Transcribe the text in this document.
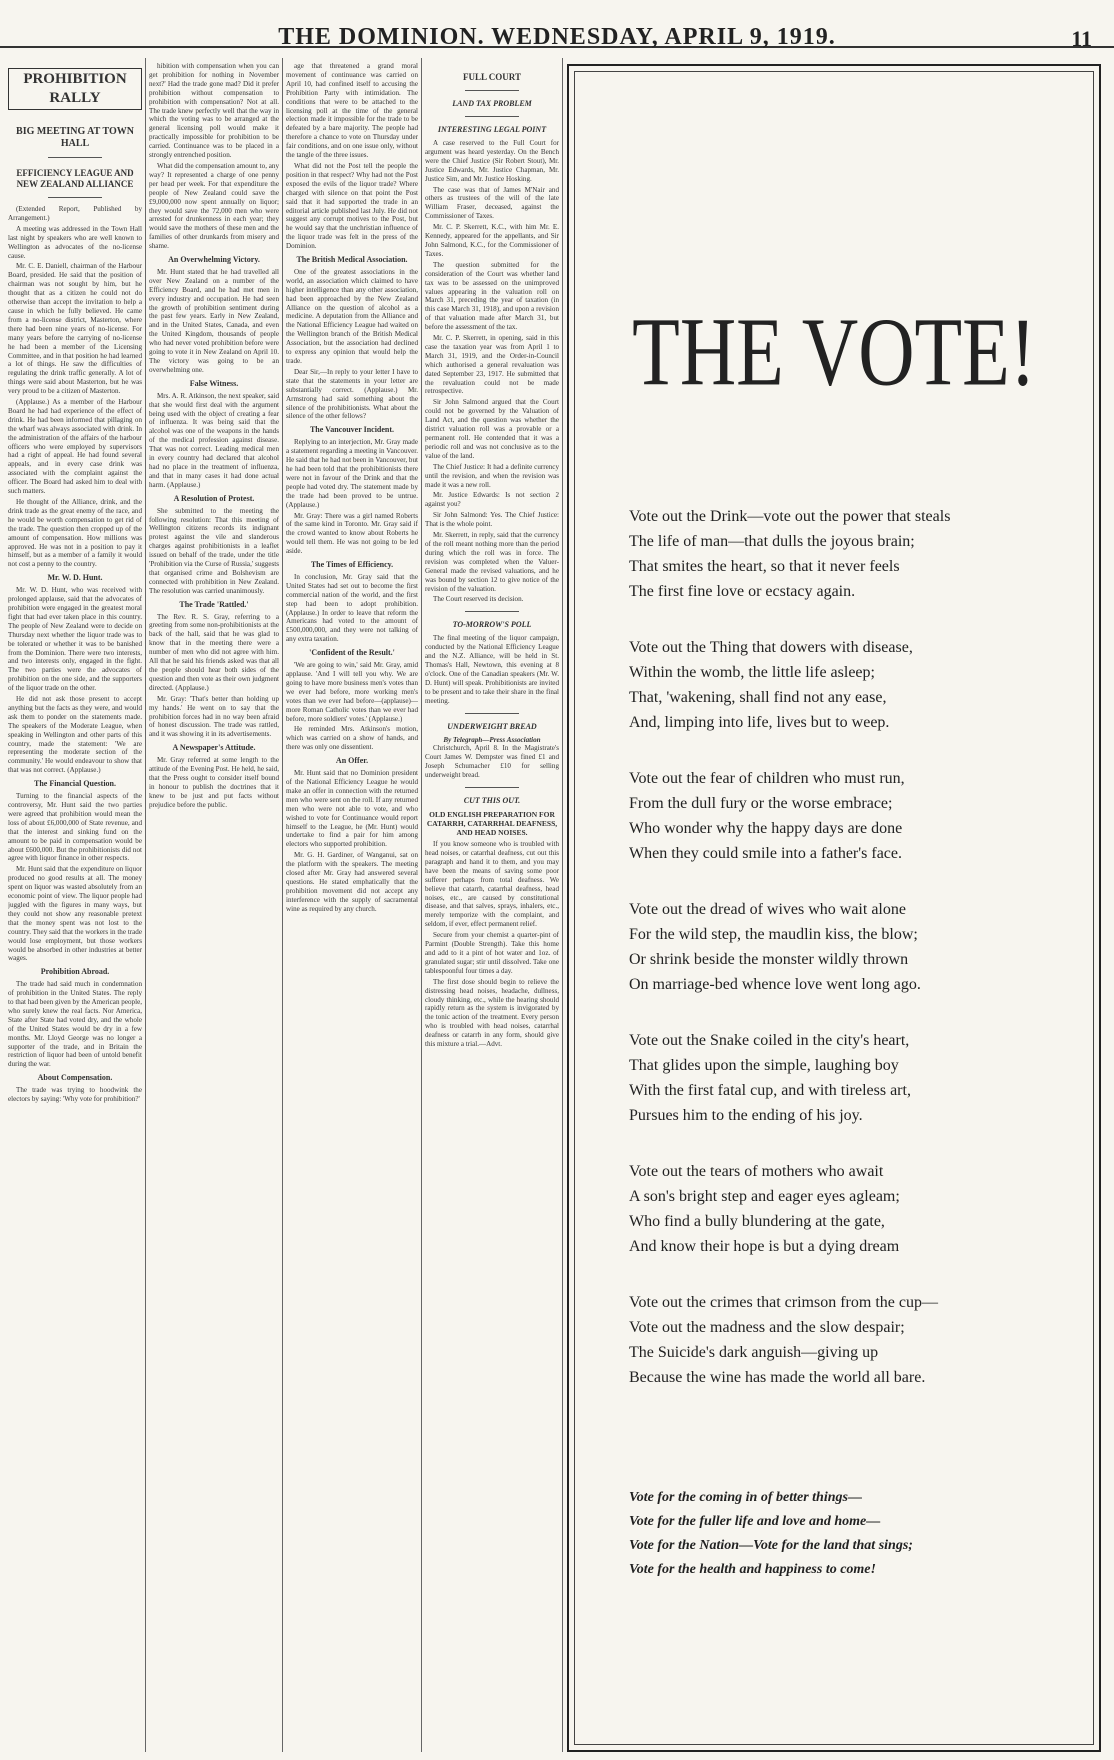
THE DOMINION. WEDNESDAY, APRIL 9, 1919.	11
PROHIBITION RALLY
BIG MEETING AT TOWN HALL
EFFICIENCY LEAGUE AND NEW ZEALAND ALLIANCE

(Extended Report, Published by Arrangement.)

A meeting was addressed in the Town Hall last night by speakers who are well known to Wellington as advocates of the no-license cause.

Mr. C. E. Daniell, chairman of the Harbour Board, presided. He said that the position of chairman was not sought by him, but he thought that as a citizen he could not do otherwise than accept the invitation to help a cause in which he fully believed. He came from a no-license district, Masterton, where there had been nine years of no-license. For many years before the carrying of no-license he had been a member of the Licensing Committee, and in that position he had learned a lot of things. He saw the difficulties of regulating the drink traffic generally. A lot of things were said about Masterton, but he was very proud to be a citizen of Masterton.

(Applause.) As a member of the Harbour Board he had had experience of the effect of drink. He had been informed that pillaging on the wharf was always associated with drink. In the administration of the affairs of the harbour officers who were employed by supervisors had a right of appeal. He had found several appeals, and in every case drink was associated with the complaint against the officer. The Board had asked him to deal with such matters.

He thought of the Alliance, drink, and the drink trade as the great enemy of the race, and he would be worth compensation to get rid of the trade. The question then cropped up of the amount of compensation. How millions was approved. He was not in a position to pay it himself, but as a member of a family it would not cost a penny to the country.

Mr. W. D. Hunt.

Mr. W. D. Hunt, who was received with prolonged applause, said that the advocates of prohibition were engaged in the greatest moral fight that had ever taken place in this country. The people of New Zealand were to decide on Thursday next whether the liquor trade was to be tolerated or whether it was to be banished from the Dominion. There were two interests, and two interests only, engaged in the fight. The two parties were the advocates of prohibition on the one side, and the supporters of the liquor trade on the other.

He did not ask those present to accept anything but the facts as they were, and would ask them to ponder on the statements made. The speakers of the Moderate League, when speaking in Wellington and other parts of this country, made the statement: 'We are representing the moderate section of the community.' He would endeavour to show that that was not correct. (Applause.)

The Financial Question.

Turning to the financial aspects of the controversy, Mr. Hunt said the two parties were agreed that prohibition would mean the loss of about £6,000,000 of State revenue, and that the interest and sinking fund on the amount to be paid in compensation would be about £600,000. But the prohibitionists did not agree with liquor finance in other respects.

Mr. Hunt said that the expenditure on liquor produced no good results at all. The money spent on liquor was wasted absolutely from an economic point of view. The liquor people had juggled with the figures in many ways, but they could not show any reasonable pretext that the money spent was not lost to the country. They said that the workers in the trade would lose employment, but those workers would be absorbed in other industries at better wages.

Prohibition Abroad.

The trade had said much in condemnation of prohibition in the United States. The reply to that had been given by the American people, who surely knew the real facts. Nor America, State after State had voted dry, and the whole of the United States would be dry in a few months. Mr. Lloyd George was no longer a supporter of the trade, and in Britain the restriction of liquor had been of untold benefit during the war.

About Compensation.

The trade was trying to hoodwink the electors by saying: 'Why vote for prohibition?'

hibition with compensation when you can get prohibition for nothing in November next?' Had the trade gone mad? Did it prefer prohibition without compensation to prohibition with compensation? Not at all. The trade knew perfectly well that the way in which the voting was to be arranged at the general licensing poll would make it practically impossible for prohibition to be carried. Continuance was to be placed in a strongly entrenched position.

What did the compensation amount to, any way? It represented a charge of one penny per head per week. For that expenditure the people of New Zealand could save the £9,000,000 now spent annually on liquor; they would save the 72,000 men who were arrested for drunkenness in each year; they would save the mothers of these men and the families of other drunkards from misery and shame.

An Overwhelming Victory.

Mr. Hunt stated that he had travelled all over New Zealand on a number of the Efficiency Board, and he had met men in every industry and occupation. He had seen the growth of prohibition sentiment during the past few years. Early in New Zealand, and in the United States, Canada, and even the United Kingdom, thousands of people who had never voted prohibition before were going to vote it in New Zealand on April 10. The victory was going to be an overwhelming one.

False Witness.

Mrs. A. R. Atkinson, the next speaker, said that she would first deal with the argument being used with the object of creating a fear of influenza. It was being said that the alcohol was one of the weapons in the hands of the medical profession against disease. That was not correct. Leading medical men in every country had declared that alcohol had no place in the treatment of influenza, and that in many cases it had done actual harm. (Applause.)

A Resolution of Protest.

She submitted to the meeting the following resolution: That this meeting of Wellington citizens records its indignant protest against the vile and slanderous charges against prohibitionists in a leaflet issued on behalf of the trade, under the title 'Prohibition via the Curse of Russia,' suggests that organised crime and Bolshevism are connected with prohibition in New Zealand. The resolution was carried unanimously.

The Trade 'Rattled.'

The Rev. R. S. Gray, referring to a greeting from some non-prohibitionists at the back of the hall, said that he was glad to know that in the meeting there were a number of men who did not agree with him. All that he said his friends asked was that all the people should hear both sides of the question and then vote as their own judgment directed. (Applause.)

Mr. Gray: 'That's better than holding up my hands.' He went on to say that the prohibition forces had in no way been afraid of honest discussion. The trade was rattled, and it was showing it in its advertisements.

A Newspaper's Attitude.

Mr. Gray referred at some length to the attitude of the Evening Post. He held, he said, that the Press ought to consider itself bound in honour to publish the doctrines that it knew to be just and put facts without prejudice before the public.

age that threatened a grand moral movement of continuance was carried on April 10, had confined itself to accusing the Prohibition Party with intimidation. The conditions that were to be attached to the licensing poll at the time of the general election made it impossible for the trade to be defeated by a bare majority. The people had therefore a chance to vote on Thursday under fair conditions, and on one issue only, without the tangle of the three issues.

What did not the Post tell the people the position in that respect? Why had not the Post exposed the evils of the liquor trade? Where charged with silence on that point the Post said that it had supported the trade in an editorial article published last July. He did not suggest any corrupt motives to the Post, but he would say that the unchristian influence of the liquor trade was felt in the press of the Dominion.

The British Medical Association.

One of the greatest associations in the world, an association which claimed to have higher intelligence than any other association, had been approached by the New Zealand Alliance on the question of alcohol as a medicine. A deputation from the Alliance and the National Efficiency League had waited on the Wellington branch of the British Medical Association, but the association had declined to express any opinion that would help the trade.

Dear Sir,—In reply to your letter I have to state that the statements in your letter are substantially correct. (Applause.) Mr. Armstrong had said something about the silence of the prohibitionists. What about the silence of the other fellows?

The Vancouver Incident.

Replying to an interjection, Mr. Gray made a statement regarding a meeting in Vancouver. He said that he had not been in Vancouver, but he had been told that the prohibitionists there were not in favour of the Drink and that the people had voted dry. The statement made by the trade had been proved to be untrue. (Applause.)

Mr. Gray: There was a girl named Roberts of the same kind in Toronto. Mr. Gray said if the crowd wanted to know about Roberts he would tell them. He was not going to be led aside.

The Times of Efficiency.

In conclusion, Mr. Gray said that the United States had set out to become the first commercial nation of the world, and the first step had been to adopt prohibition. (Applause.) In order to leave that reform the Americans had voted to the amount of £500,000,000, and they were not talking of any extra taxation.

'Confident of the Result.'

'We are going to win,' said Mr. Gray, amid applause. 'And I will tell you why. We are going to have more business men's votes than we ever had before, more working men's votes than we ever had before—(applause)—more Roman Catholic votes than we ever had before, more soldiers' votes.' (Applause.)

He reminded Mrs. Atkinson's motion, which was carried on a show of hands, and there was only one dissentient.

An Offer.

Mr. Hunt said that no Dominion president of the National Efficiency League he would make an offer in connection with the returned men who were sent on the roll. If any returned men who were not able to vote, and who wished to vote for Continuance would report himself to the League, he (Mr. Hunt) would undertake to find a pair for him among electors who supported prohibition.

Mr. G. H. Gardiner, of Wanganui, sat on the platform with the speakers. The meeting closed after Mr. Gray had answered several questions. He stated emphatically that the prohibition movement did not accept any interference with the supply of sacramental wine as required by any church.

FULL COURT
LAND TAX PROBLEM
INTERESTING LEGAL POINT

A case reserved to the Full Court for argument was heard yesterday. On the Bench were the Chief Justice (Sir Robert Stout), Mr. Justice Edwards, Mr. Justice Chapman, Mr. Justice Sim, and Mr. Justice Hosking.

The case was that of James M'Nair and others as trustees of the will of the late William Fraser, deceased, against the Commissioner of Taxes.

Mr. C. P. Skerrett, K.C., with him Mr. E. Kennedy, appeared for the appellants, and Sir John Salmond, K.C., for the Commissioner of Taxes.

The question submitted for the consideration of the Court was whether land tax was to be assessed on the unimproved values appearing in the valuation roll on March 31, preceding the year of taxation (in this case March 31, 1918), and upon a revision of that valuation made after March 31, but before the assessment of the tax.

Mr. C. P. Skerrett, in opening, said in this case the taxation year was from April 1 to March 31, 1919, and the Order-in-Council which authorised a general revaluation was dated September 23, 1917. He submitted that the revaluation could not be made retrospective.

Sir John Salmond argued that the Court could not be governed by the Valuation of Land Act, and the question was whether the district valuation roll was a provable or a permanent roll. He contended that it was a periodic roll and was not conclusive as to the value of the land.

The Chief Justice: It had a definite currency until the revision, and when the revision was made it was a new roll.

Mr. Justice Edwards: Is not section 2 against you?

Sir John Salmond: Yes. The Chief Justice: That is the whole point.

Mr. Skerrett, in reply, said that the currency of the roll meant nothing more than the period during which the roll was in force. The revision was completed when the Valuer-General made the revised valuations, and he was bound by section 12 to give notice of the revision of the valuation.

The Court reserved its decision.

TO-MORROW'S POLL

The final meeting of the liquor campaign, conducted by the National Efficiency League and the N.Z. Alliance, will be held in St. Thomas's Hall, Newtown, this evening at 8 o'clock. One of the Canadian speakers (Mr. W. D. Hunt) will speak. Prohibitionists are invited to be present and to take their share in the final meeting.

UNDERWEIGHT BREAD
By Telegraph—Press Association

Christchurch, April 8. In the Magistrate's Court James W. Dempster was fined £1 and Joseph Schumacher £10 for selling underweight bread.

CUT THIS OUT.
OLD ENGLISH PREPARATION FOR CATARRH, CATARRHAL DEAFNESS, AND HEAD NOISES.

If you know someone who is troubled with head noises, or catarrhal deafness, cut out this paragraph and hand it to them, and you may have been the means of saving some poor sufferer perhaps from total deafness. We believe that catarrh, catarrhal deafness, head noises, etc., are caused by constitutional disease, and that salves, sprays, inhalers, etc., merely temporize with the complaint, and seldom, if ever, effect permanent relief.

Secure from your chemist a quarter-pint of Parmint (Double Strength). Take this home and add to it a pint of hot water and 1oz. of granulated sugar; stir until dissolved. Take one tablespoonful four times a day.

The first dose should begin to relieve the distressing head noises, headache, dullness, cloudy thinking, etc., while the hearing should rapidly return as the system is invigorated by the tonic action of the treatment. Every person who is troubled with head noises, catarrhal deafness or catarrh in any form, should give this mixture a trial.—Advt.

THE VOTE!
Vote out the Drink—vote out the power that steals
The life of man—that dulls the joyous brain;
That smites the heart, so that it never feels
The first fine love or ecstacy again.
Vote out the Thing that dowers with disease,
Within the womb, the little life asleep;
That, 'wakening, shall find not any ease,
And, limping into life, lives but to weep.
Vote out the fear of children who must run,
From the dull fury or the worse embrace;
Who wonder why the happy days are done
When they could smile into a father's face.
Vote out the dread of wives who wait alone
For the wild step, the maudlin kiss, the blow;
Or shrink beside the monster wildly thrown
On marriage-bed whence love went long ago.
Vote out the Snake coiled in the city's heart,
That glides upon the simple, laughing boy
With the first fatal cup, and with tireless art,
Pursues him to the ending of his joy.
Vote out the tears of mothers who await
A son's bright step and eager eyes agleam;
Who find a bully blundering at the gate,
And know their hope is but a dying dream
Vote out the crimes that crimson from the cup—
Vote out the madness and the slow despair;
The Suicide's dark anguish—giving up
Because the wine has made the world all bare.
Vote for the coming in of better things—
Vote for the fuller life and love and home—
Vote for the Nation—Vote for the land that sings;
Vote for the health and happiness to come!
